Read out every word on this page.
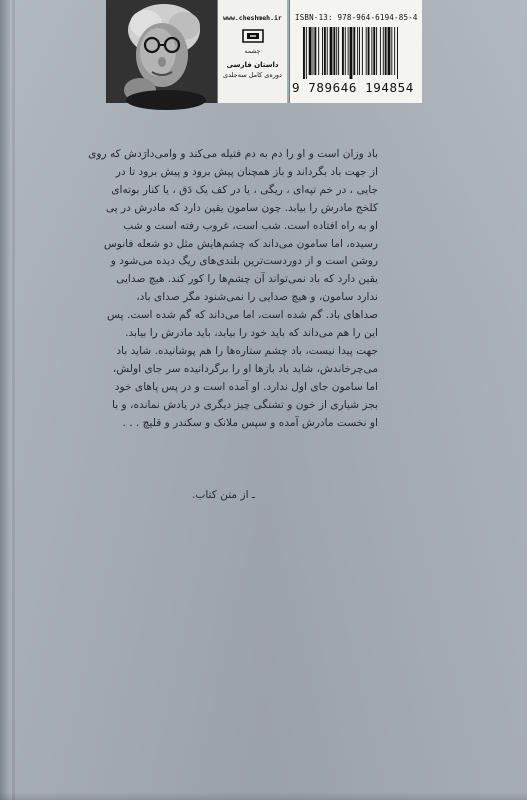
www.cheshmeh.ir
چشمه
داستان فارسی
دوره‌ی کامل سه‌جلدی
ISBN-13: 978-964-6194-85-4
9 789646 194854
باد وزان است و او را دم به دم فتیله می‌کند و وامی‌دارَدش که روی
از جهت باد بگرداند و باز همچنان پیش برود و پیش برود تا در
جایی ، در خم تپه‌ای ، ریگی ، یا در کف یک دَق ، یا کنار بوته‌ای
کلخج مادرش را بیابد. چون سامون یقین دارد که مادرش در پی
او به راه افتاده است. شب است، غروب رفته است و شب
رسیده، اما سامون می‌داند که چشم‌هایش مثل دو شعله فانوس
روشن است و از دوردست‌ترین بلندی‌های ریگ دیده می‌شود و
یقین دارد که باد نمی‌تواند آن چشم‌ها را کور کند. هیچ صدایی
ندارد سامون، و هیچ صدایی را نمی‌شنود مگر صدای باد،
صداهای باد. گم شده است، اما می‌داند که گم شده است. پس
این را هم می‌داند که باید خود را بیابد، باید مادرش را بیابد.
جهت پیدا نیست، باد چشم ستاره‌ها را هم پوشانیده. شاید باد
می‌چرخاندش، شاید باد بازها او را برگردانیده سر جای اولش،
اما سامون جای اول ندارد. او آمده است و در پس پاهای خود
بجز شیاری از خون و تشنگی چیز دیگری در یادش نمانده، و با
او نخست مادرش آمده و سپس ملانک و سکندر و قلیچ . . .
ـ از متن کتاب.
